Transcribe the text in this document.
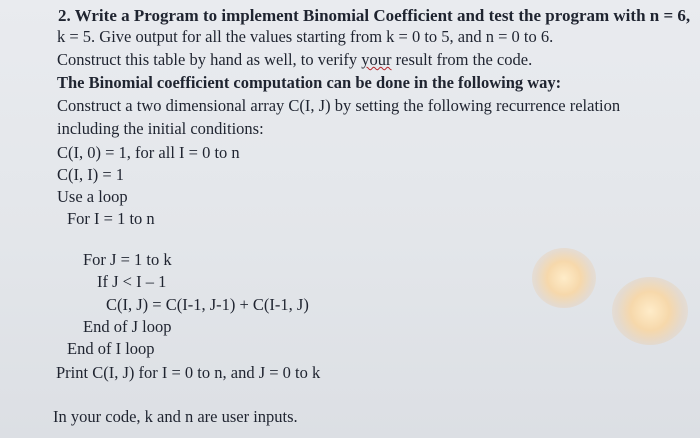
2. Write a Program to implement Binomial Coefficient and test the program with n = 6,
k = 5. Give output for all the values starting from k = 0 to 5, and n = 0 to 6.
Construct this table by hand as well, to verify your result from the code.
The Binomial coefficient computation can be done in the following way:
Construct a two dimensional array C(I, J) by setting the following recurrence relation
including the initial conditions:
C(I, 0) = 1, for all I = 0 to n
C(I, I) = 1
Use a loop
For I = 1 to n
For J = 1 to k
If J < I – 1
C(I, J) = C(I-1, J-1) + C(I-1, J)
End of J loop
End of I loop
Print C(I, J) for I = 0 to n, and J = 0 to k
In your code, k and n are user inputs.
